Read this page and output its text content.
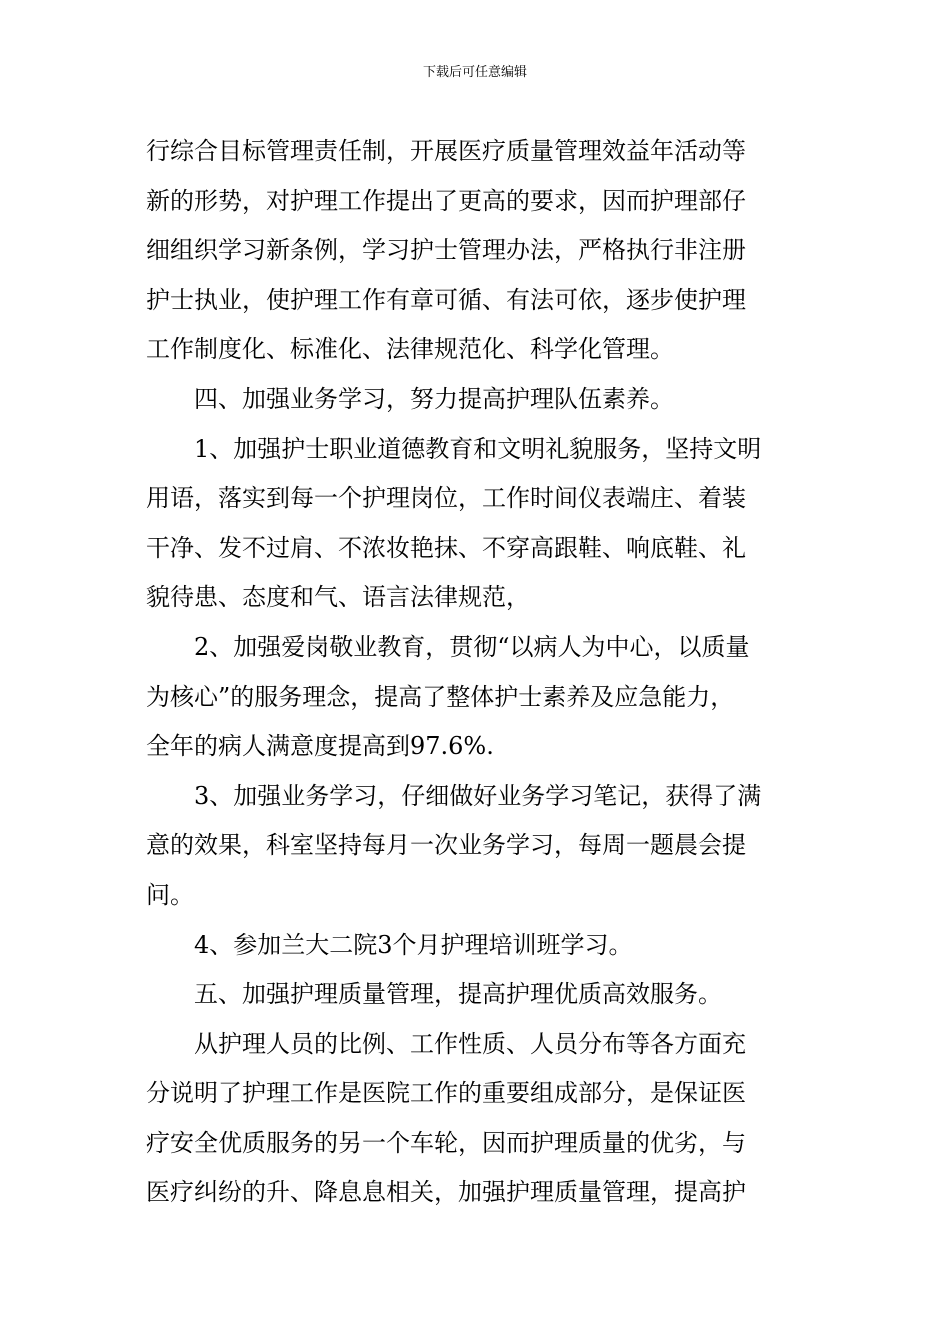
下载后可任意编辑
行综合目标管理责任制，开展医疗质量管理效益年活动等
新的形势，对护理工作提出了更高的要求，因而护理部仔
细组织学习新条例，学习护士管理办法，严格执行非注册
护士执业，使护理工作有章可循、有法可依，逐步使护理
工作制度化、标准化、法律规范化、科学化管理。
四、加强业务学习，努力提高护理队伍素养。
1、加强护士职业道德教育和文明礼貌服务，坚持文明
用语，落实到每一个护理岗位，工作时间仪表端庄、着装
干净、发不过肩、不浓妆艳抹、不穿高跟鞋、响底鞋、礼
貌待患、态度和气、语言法律规范，
2、加强爱岗敬业教育，贯彻“以病人为中心，以质量
为核心”的服务理念，提高了整体护士素养及应急能力，
全年的病人满意度提高到97.6%.
3、加强业务学习，仔细做好业务学习笔记，获得了满
意的效果，科室坚持每月一次业务学习，每周一题晨会提
问。
4、参加兰大二院3个月护理培训班学习。
五、加强护理质量管理，提高护理优质高效服务。
从护理人员的比例、工作性质、人员分布等各方面充
分说明了护理工作是医院工作的重要组成部分，是保证医
疗安全优质服务的另一个车轮，因而护理质量的优劣，与
医疗纠纷的升、降息息相关，加强护理质量管理，提高护
